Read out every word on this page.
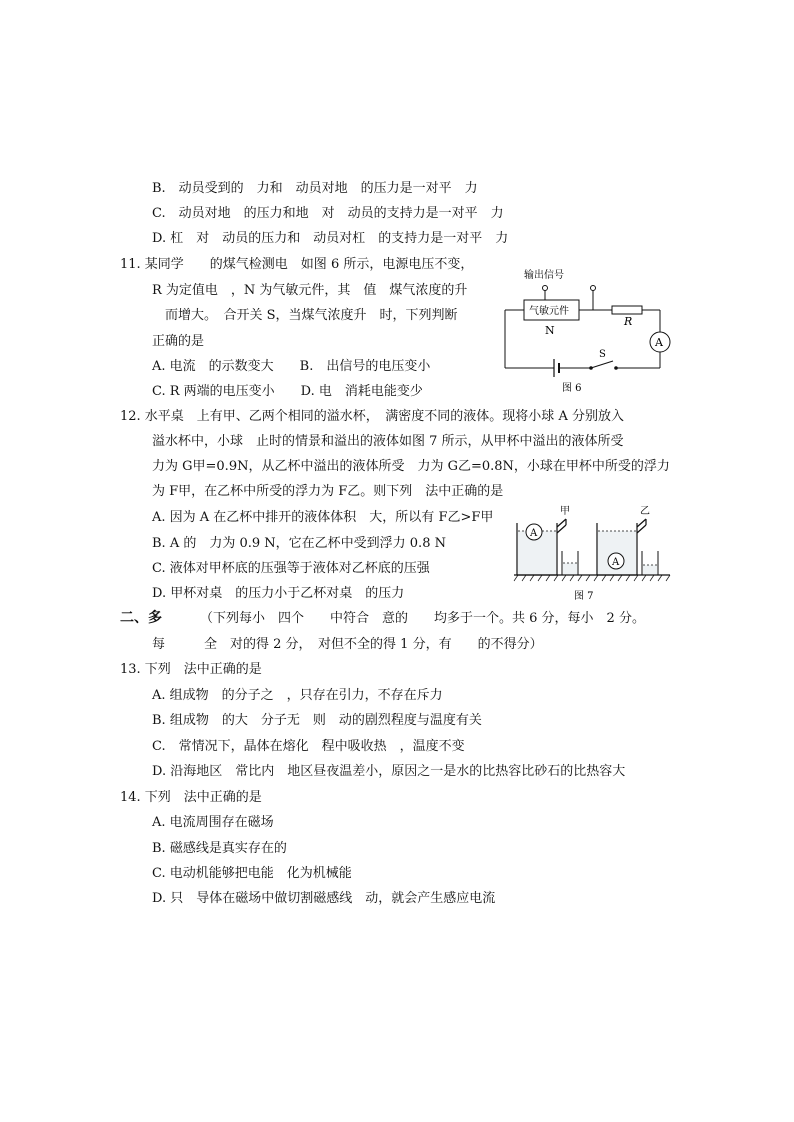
B.　动员受到的　力和　动员对地　的压力是一对平　力
C.　动员对地　的压力和地　对　动员的支持力是一对平　力
D. 杠　对　动员的压力和　动员对杠　的支持力是一对平　力
11. 某同学　　的煤气检测电　如图 6 所示，电源电压不变，
R 为定值电　，N 为气敏元件，其　值　煤气浓度的升
　而增大。　合开关 S，当煤气浓度升　时，下列判断
正确的是
A. 电流　的示数变大　　B.　出信号的电压变小
C. R 两端的电压变小　　D. 电　消耗电能变少
输出信号
气敏元件
N
R
A
S
图 6
12. 水平桌　上有甲、乙两个相同的溢水杯，　满密度不同的液体。现将小球 A 分别放入
溢水杯中，小球　止时的情景和溢出的液体如图 7 所示，从甲杯中溢出的液体所受
力为 G甲=0.9N，从乙杯中溢出的液体所受　力为 G乙=0.8N，小球在甲杯中所受的浮力
为 F甲，在乙杯中所受的浮力为 F乙。则下列　法中正确的是
A. 因为 A 在乙杯中排开的液体体积　大，所以有 F乙>F甲
B. A 的　力为 0.9 N，它在乙杯中受到浮力 0.8 N
C. 液体对甲杯底的压强等于液体对乙杯底的压强
D. 甲杯对桌　的压力小于乙杯对桌　的压力
A
甲
A
乙
图 7
二、多	（下列每小　四个　　中符合　意的　　均多于一个。共 6 分，每小　2 分。
每　　　全　对的得 2 分，　对但不全的得 1 分，有　　的不得分）
13. 下列　法中正确的是
A. 组成物　的分子之　，只存在引力，不存在斥力
B. 组成物　的大　分子无　则　动的剧烈程度与温度有关
C.　常情况下，晶体在熔化　程中吸收热　，温度不变
D. 沿海地区　常比内　地区昼夜温差小，原因之一是水的比热容比砂石的比热容大
14. 下列　法中正确的是
A. 电流周围存在磁场
B. 磁感线是真实存在的
C. 电动机能够把电能　化为机械能
D. 只　导体在磁场中做切割磁感线　动，就会产生感应电流
